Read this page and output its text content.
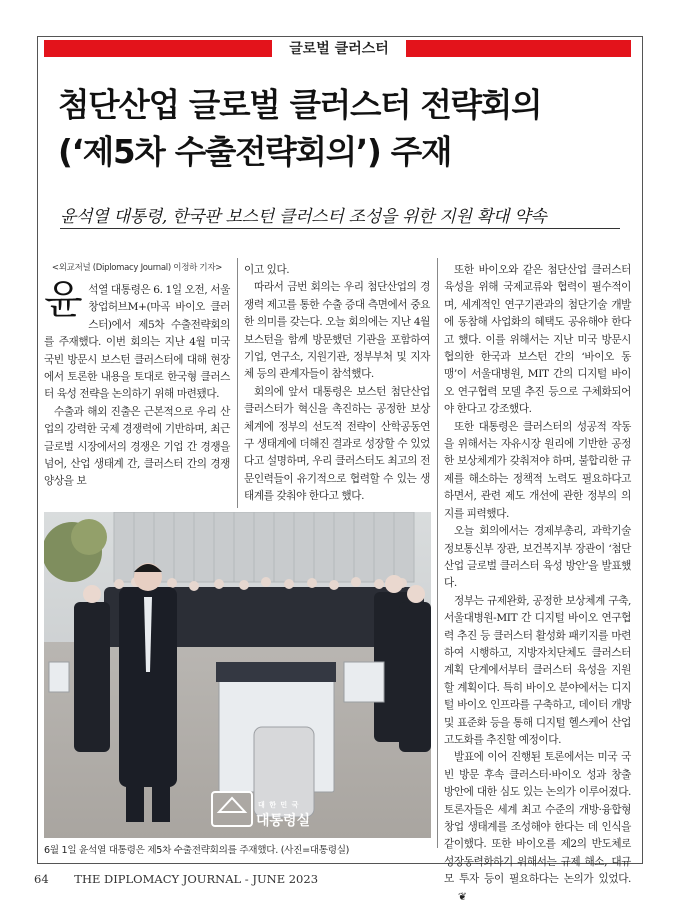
글로벌 클러스터
첨단산업 글로벌 클러스터 전략회의
(‘제5차 수출전략회의’) 주재
윤석열 대통령, 한국판 보스턴 클러스터 조성을 위한 지원 확대 약속
<외교저널 (Diplomacy Journal) 이정하 기자>
윤 석열 대통령은 6. 1일 오전, 서울창업허브M+(마곡 바이오 클러스터)에서 제5차 수출전략회의를 주재했다. 이번 회의는 지난 4월 미국 국빈 방문시 보스턴 클러스터에 대해 현장에서 토론한 내용을 토대로 한국형 클러스터 육성 전략을 논의하기 위해 마련됐다.

수출과 해외 진출은 근본적으로 우리 산업의 강력한 국제 경쟁력에 기반하며, 최근 글로벌 시장에서의 경쟁은 기업 간 경쟁을 넘어, 산업 생태계 간, 클러스터 간의 경쟁 양상을 보

이고 있다.

따라서 금번 회의는 우리 첨단산업의 경쟁력 제고를 통한 수출 증대 측면에서 중요한 의미를 갖는다. 오늘 회의에는 지난 4월 보스턴을 함께 방문했던 기관을 포함하여 기업, 연구소, 지원기관, 정부부처 및 지자체 등의 관계자들이 참석했다.

회의에 앞서 대통령은 보스턴 첨단산업 클러스터가 혁신을 촉진하는 공정한 보상체계에 정부의 선도적 전략이 산학공동연구 생태계에 더해진 결과로 성장할 수 있었다고 설명하며, 우리 클러스터도 최고의 전문인력들이 유기적으로 협력할 수 있는 생태계를 갖춰야 한다고 했다.

또한 바이오와 같은 첨단산업 클러스터 육성을 위해 국제교류와 협력이 필수적이며, 세계적인 연구기관과의 첨단기술 개발에 동참해 사업화의 혜택도 공유해야 한다고 했다. 이를 위해서는 지난 미국 방문시 협의한 한국과 보스턴 간의 ‘바이오 동맹’이 서울대병원, MIT 간의 디지털 바이오 연구협력 모델 추진 등으로 구체화되어야 한다고 강조했다.

또한 대통령은 클러스터의 성공적 작동을 위해서는 자유시장 원리에 기반한 공정한 보상체계가 갖춰져야 하며, 불합리한 규제를 해소하는 정책적 노력도 필요하다고 하면서, 관련 제도 개선에 관한 정부의 의지를 피력했다.

오늘 회의에서는 경제부총리, 과학기술정보통신부 장관, 보건복지부 장관이 ‘첨단산업 글로벌 클러스터 육성 방안’을 발표했다.

정부는 규제완화, 공정한 보상체계 구축, 서울대병원-MIT 간 디지털 바이오 연구협력 추진 등 클러스터 활성화 패키지를 마련하여 시행하고, 지방자치단체도 클러스터 계획 단계에서부터 클러스터 육성을 지원할 계획이다. 특히 바이오 분야에서는 디지털 바이오 인프라를 구축하고, 데이터 개방 및 표준화 등을 통해 디지털 헬스케어 산업 고도화를 추진할 예정이다.

발표에 이어 진행된 토론에서는 미국 국빈 방문 후속 클러스터·바이오 성과 창출 방안에 대한 심도 있는 논의가 이루어졌다. 토론자들은 세계 최고 수준의 개방·융합형 창업 생태계를 조성해야 한다는 데 인식을 같이했다. 또한 바이오를 제2의 반도체로 성장동력화하기 위해서는 규제 해소, 대규모 투자 등이 필요하다는 논의가 있었다.❦

대 한 민 국
대통령실
6월 1일 윤석열 대통령은 제5차 수출전략회의를 주재했다. (사진=대통령실)
64 THE DIPLOMACY JOURNAL - JUNE 2023
